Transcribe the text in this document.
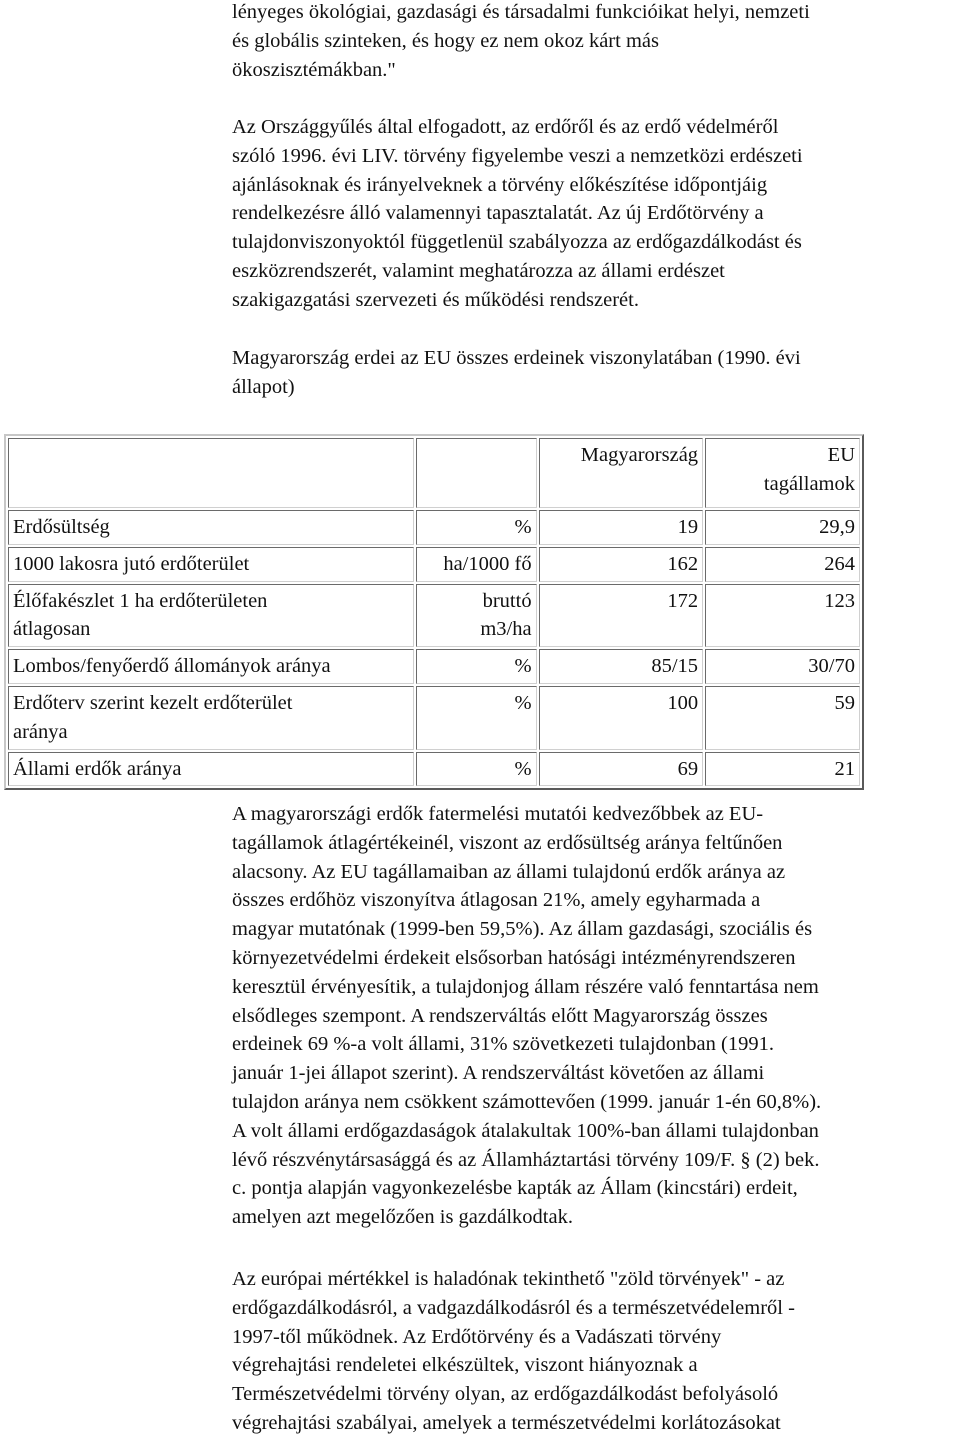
lényeges ökológiai, gazdasági és társadalmi funkcióikat helyi, nemzeti
és globális szinteken, és hogy ez nem okoz kárt más
ökoszisztémákban."
Az Országgyűlés által elfogadott, az erdőről és az erdő védelméről
szóló 1996. évi LIV. törvény figyelembe veszi a nemzetközi erdészeti
ajánlásoknak és irányelveknek a törvény előkészítése időpontjáig
rendelkezésre álló valamennyi tapasztalatát. Az új Erdőtörvény a
tulajdonviszonyoktól függetlenül szabályozza az erdőgazdálkodást és
eszközrendszerét, valamint meghatározza az állami erdészet
szakigazgatási szervezeti és működési rendszerét.
Magyarország erdei az EU összes erdeinek viszonylatában (1990. évi
állapot)
		Magyarország	EU
tagállamok

Erdősültség	%	19	29,9
1000 lakosra jutó erdőterület	ha/1000 fő	162	264

Élőfakészlet 1 ha erdőterületen
átlagosan	bruttó
m3/ha	172	123
Lombos/fenyőerdő állományok aránya	%	85/15	30/70

Erdőterv szerint kezelt erdőterület
aránya	%	100	59
Állami erdők aránya	%	69	21
A magyarországi erdők fatermelési mutatói kedvezőbbek az EU-
tagállamok átlagértékeinél, viszont az erdősültség aránya feltűnően
alacsony. Az EU tagállamaiban az állami tulajdonú erdők aránya az
összes erdőhöz viszonyítva átlagosan 21%, amely egyharmada a
magyar mutatónak (1999-ben 59,5%). Az állam gazdasági, szociális és
környezetvédelmi érdekeit elsősorban hatósági intézményrendszeren
keresztül érvényesítik, a tulajdonjog állam részére való fenntartása nem
elsődleges szempont. A rendszerváltás előtt Magyarország összes
erdeinek 69 %-a volt állami, 31% szövetkezeti tulajdonban (1991.
január 1-jei állapot szerint). A rendszerváltást követően az állami
tulajdon aránya nem csökkent számottevően (1999. január 1-én 60,8%).
A volt állami erdőgazdaságok átalakultak 100%-ban állami tulajdonban
lévő részvénytársasággá és az Államháztartási törvény 109/F. § (2) bek.
c. pontja alapján vagyonkezelésbe kapták az Állam (kincstári) erdeit,
amelyen azt megelőzően is gazdálkodtak.
Az európai mértékkel is haladónak tekinthető "zöld törvények" - az
erdőgazdálkodásról, a vadgazdálkodásról és a természetvédelemről -
1997-től működnek. Az Erdőtörvény és a Vadászati törvény
végrehajtási rendeletei elkészültek, viszont hiányoznak a
Természetvédelmi törvény olyan, az erdőgazdálkodást befolyásoló
végrehajtási szabályai, amelyek a természetvédelmi korlátozásokat
